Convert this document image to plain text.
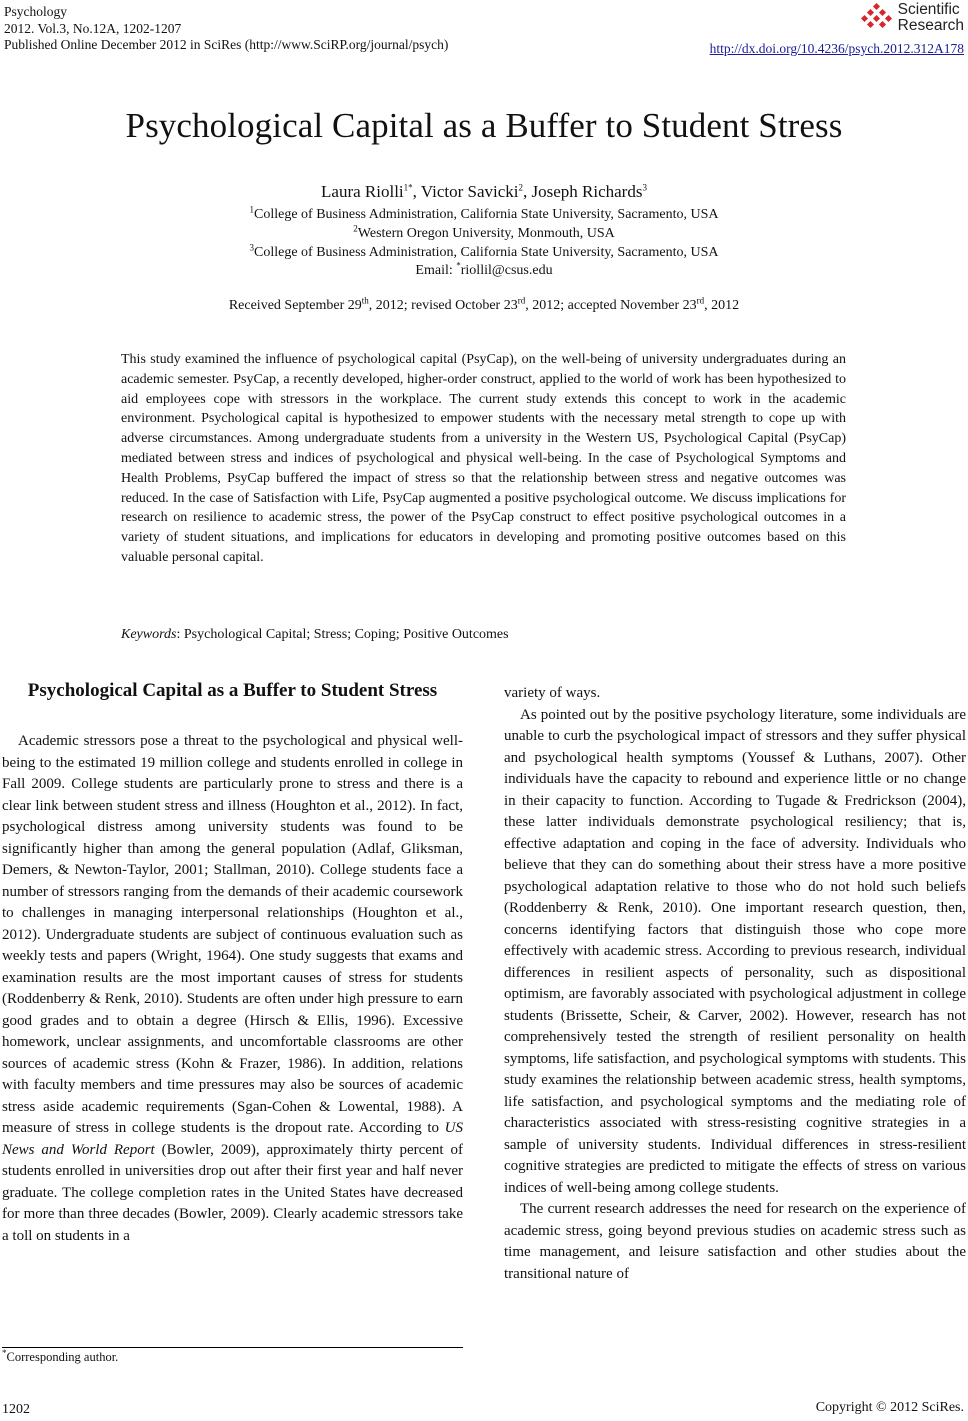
Psychology
2012. Vol.3, No.12A, 1202-1207
Published Online December 2012 in SciRes (http://www.SciRP.org/journal/psych)
Scientific
Research
http://dx.doi.org/10.4236/psych.2012.312A178
Psychological Capital as a Buffer to Student Stress
Laura Riolli$^{1*}$, Victor Savicki$^2$, Joseph Richards$^3$
$^1$College of Business Administration, California State University, Sacramento, USA
$^2$Western Oregon University, Monmouth, USA
$^3$College of Business Administration, California State University, Sacramento, USA
Email: *riollil@csus.edu
Received September 29th, 2012; revised October 23rd, 2012; accepted November 23rd, 2012
This study examined the influence of psychological capital (PsyCap), on the well-being of university undergraduates during an academic semester. PsyCap, a recently developed, higher-order construct, applied to the world of work has been hypothesized to aid employees cope with stressors in the workplace. The current study extends this concept to work in the academic environment. Psychological capital is hypothesized to empower students with the necessary metal strength to cope up with adverse circumstances. Among undergraduate students from a university in the Western US, Psychological Capital (PsyCap) mediated between stress and indices of psychological and physical well-being. In the case of Psychological Symptoms and Health Problems, PsyCap buffered the impact of stress so that the relationship between stress and negative outcomes was reduced. In the case of Satisfaction with Life, PsyCap augmented a positive psychological outcome. We discuss implications for research on resilience to academic stress, the power of the PsyCap construct to effect positive psychological outcomes in a variety of student situations, and implications for educators in developing and promoting positive outcomes based on this valuable personal capital.
Keywords: Psychological Capital; Stress; Coping; Positive Outcomes
Psychological Capital as a Buffer to Student Stress

Academic stressors pose a threat to the psychological and physical well-being to the estimated 19 million college and students enrolled in college in Fall 2009. College students are particularly prone to stress and there is a clear link between student stress and illness (Houghton et al., 2012). In fact, psychological distress among university students was found to be significantly higher than among the general population (Adlaf, Gliksman, Demers, & Newton-Taylor, 2001; Stallman, 2010). College students face a number of stressors ranging from the demands of their academic coursework to challenges in managing interpersonal relationships (Houghton et al., 2012). Undergraduate students are subject of continuous evaluation such as weekly tests and papers (Wright, 1964). One study suggests that exams and examination results are the most important causes of stress for students (Roddenberry & Renk, 2010). Students are often under high pressure to earn good grades and to obtain a degree (Hirsch & Ellis, 1996). Excessive homework, unclear assignments, and uncomfortable classrooms are other sources of academic stress (Kohn & Frazer, 1986). In addition, relations with faculty members and time pressures may also be sources of academic stress aside academic requirements (Sgan-Cohen & Lowental, 1988). A measure of stress in college students is the dropout rate. According to US News and World Report (Bowler, 2009), approximately thirty percent of students enrolled in universities drop out after their first year and half never graduate. The college completion rates in the United States have decreased for more than three decades (Bowler, 2009). Clearly academic stressors take a toll on students in a

variety of ways.

As pointed out by the positive psychology literature, some individuals are unable to curb the psychological impact of stressors and they suffer physical and psychological health symptoms (Youssef & Luthans, 2007). Other individuals have the capacity to rebound and experience little or no change in their capacity to function. According to Tugade & Fredrickson (2004), these latter individuals demonstrate psychological resiliency; that is, effective adaptation and coping in the face of adversity. Individuals who believe that they can do something about their stress have a more positive psychological adaptation relative to those who do not hold such beliefs (Roddenberry & Renk, 2010). One important research question, then, concerns identifying factors that distinguish those who cope more effectively with academic stress. According to previous research, individual differences in resilient aspects of personality, such as dispositional optimism, are favorably associated with psychological adjustment in college students (Brissette, Scheir, & Carver, 2002). However, research has not comprehensively tested the strength of resilient personality on health symptoms, life satisfaction, and psychological symptoms with students. This study examines the relationship between academic stress, health symptoms, life satisfaction, and psychological symptoms and the mediating role of characteristics associated with stress-resisting cognitive strategies in a sample of university students. Individual differences in stress-resilient cognitive strategies are predicted to mitigate the effects of stress on various indices of well-being among college students.

The current research addresses the need for research on the experience of academic stress, going beyond previous studies on academic stress such as time management, and leisure satisfaction and other studies about the transitional nature of

*Corresponding author.
1202	Copyright © 2012 SciRes.
